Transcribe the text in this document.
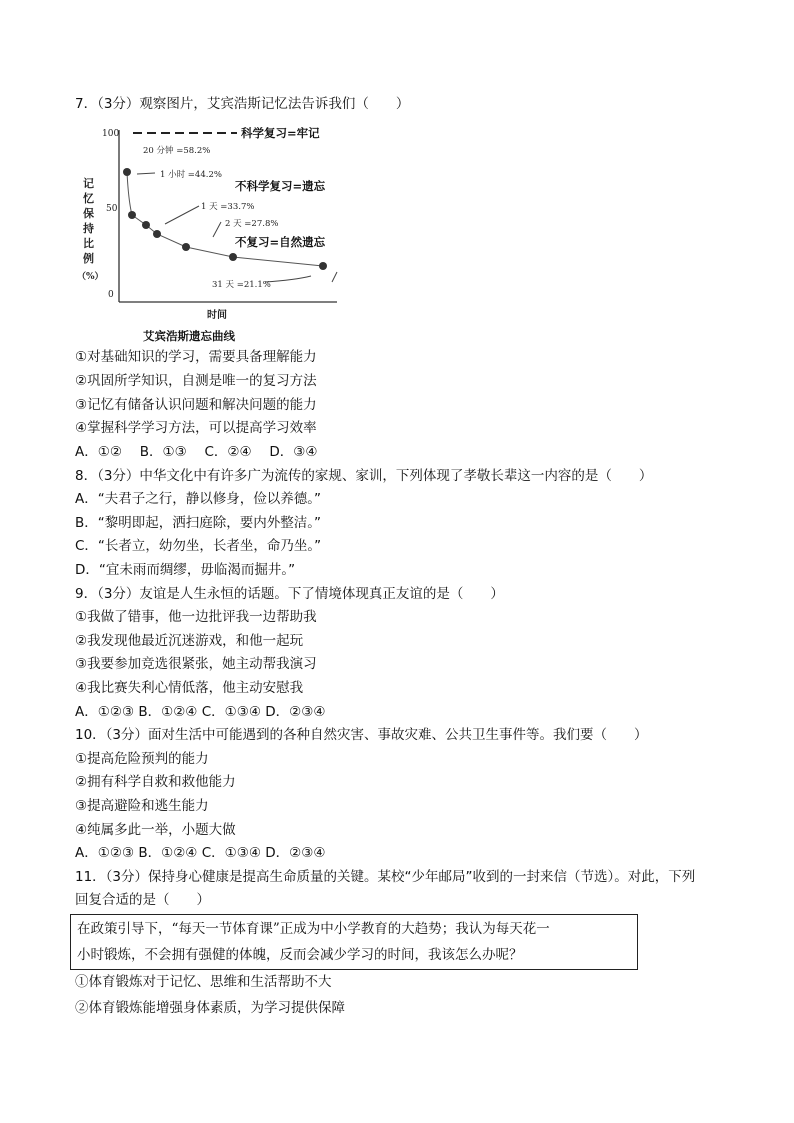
7．（3分）观察图片，艾宾浩斯记忆法告诉我们（　　）
记
忆
保
持
比
例
（%）
100
50
0
科学复习=牢记
20 分钟 =58.2%
1 小时 =44.2%
1 天 =33.7%
2 天 =27.8%
31 天 =21.1%
不科学复习=遗忘
不复习=自然遗忘
时间
艾宾浩斯遗忘曲线
①对基础知识的学习，需要具备理解能力
②巩固所学知识，自测是唯一的复习方法
③记忆有储备认识问题和解决问题的能力
④掌握科学学习方法，可以提高学习效率
A．①②　 B．①③　 C．②④　 D．③④
8．（3分）中华文化中有许多广为流传的家规、家训，下列体现了孝敬长辈这一内容的是（　　）
A．“夫君子之行，静以修身，俭以养德。”
B．“黎明即起，洒扫庭除，要内外整洁。”
C．“长者立，幼勿坐，长者坐，命乃坐。”
D．“宜未雨而绸缪，毋临渴而掘井。”
9．（3分）友谊是人生永恒的话题。下了情境体现真正友谊的是（　　）
①我做了错事，他一边批评我一边帮助我
②我发现他最近沉迷游戏，和他一起玩
③我要参加竞选很紧张，她主动帮我演习
④我比赛失利心情低落，他主动安慰我
A．①②③ B．①②④ C．①③④ D．②③④
10．（3分）面对生活中可能遇到的各种自然灾害、事故灾难、公共卫生事件等。我们要（　　）
①提高危险预判的能力
②拥有科学自救和救他能力
③提高避险和逃生能力
④纯属多此一举，小题大做
A．①②③ B．①②④ C．①③④ D．②③④
11．（3分）保持身心健康是提高生命质量的关键。某校“少年邮局”收到的一封来信（节选）。对此，下列
回复合适的是（　　）
在政策引导下，“每天一节体育课”正成为中小学教育的大趋势；我认为每天花一
小时锻炼，不会拥有强健的体魄，反而会减少学习的时间，我该怎么办呢？
①体育锻炼对于记忆、思维和生活帮助不大
②体育锻炼能增强身体素质，为学习提供保障
